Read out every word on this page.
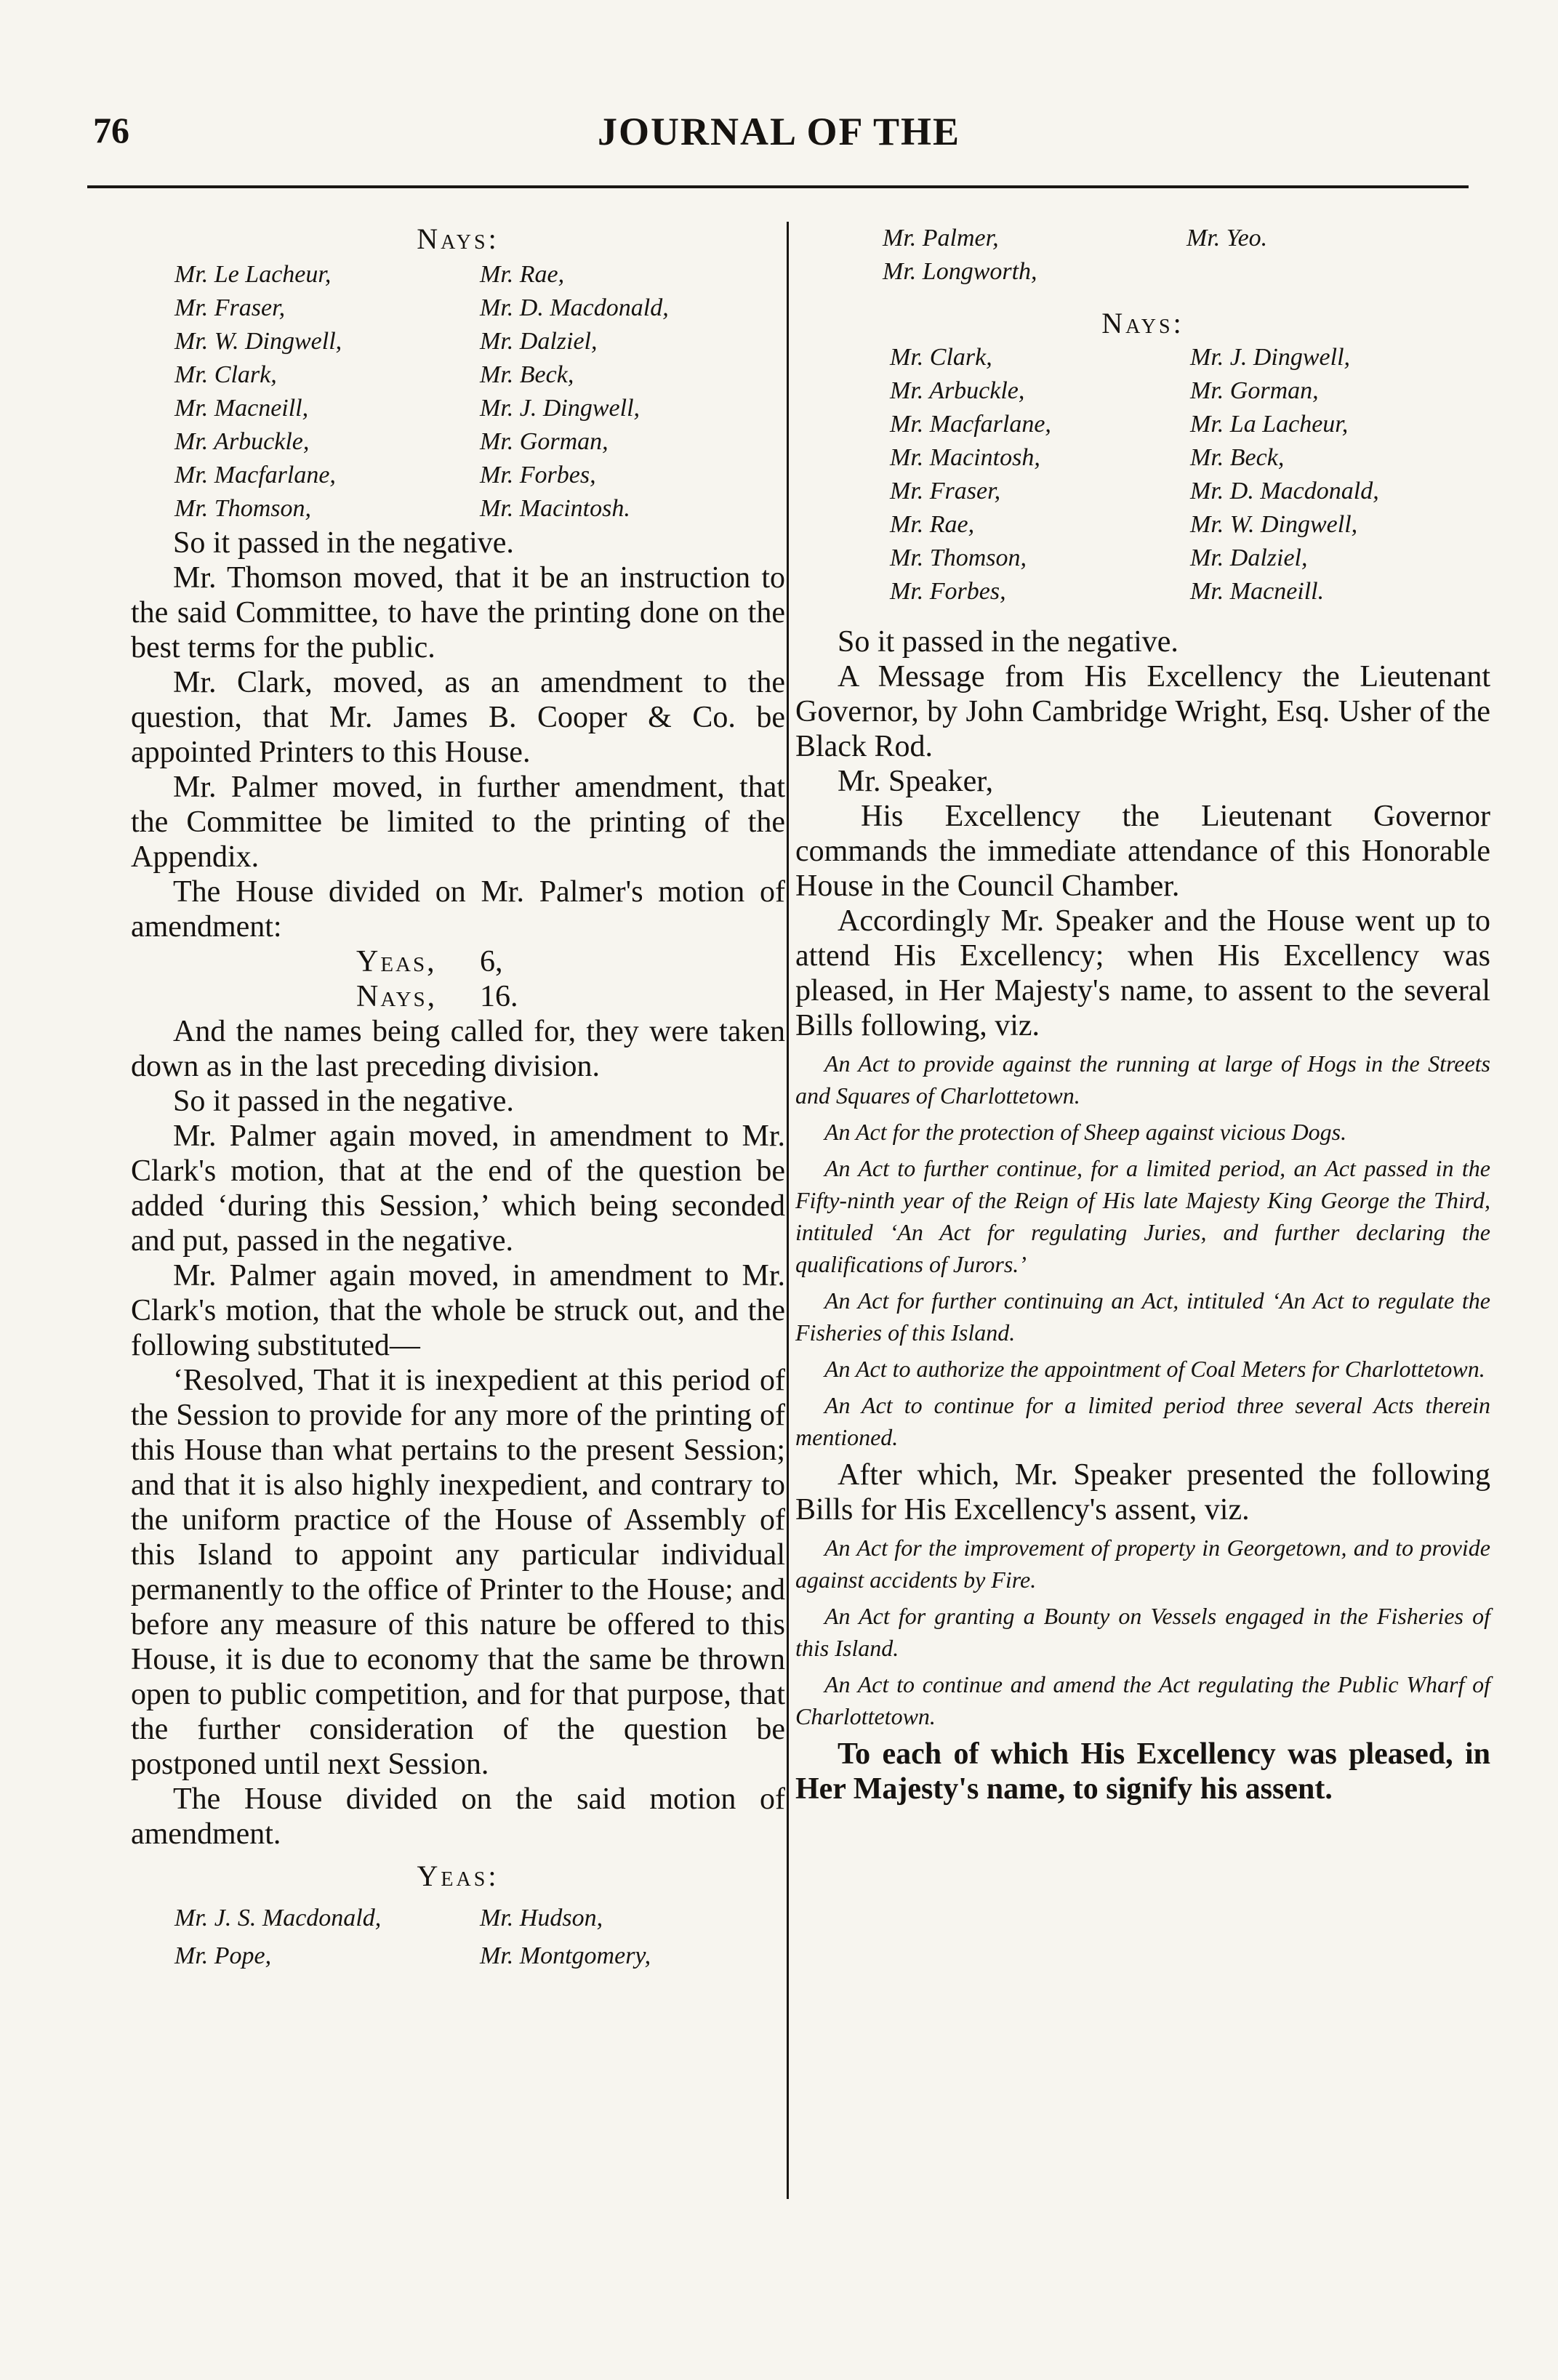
76	JOURNAL OF THE

Nays:

Mr. Le Lacheur,	Mr. Rae,
Mr. Fraser,	Mr. D. Macdonald,
Mr. W. Dingwell,	Mr. Dalziel,
Mr. Clark,	Mr. Beck,
Mr. Macneill,	Mr. J. Dingwell,
Mr. Arbuckle,	Mr. Gorman,
Mr. Macfarlane,	Mr. Forbes,
Mr. Thomson,	Mr. Macintosh.

So it passed in the negative.

Mr. Thomson moved, that it be an instruction to the said Committee, to have the printing done on the best terms for the public.

Mr. Clark, moved, as an amendment to the question, that Mr. James B. Cooper & Co. be appointed Printers to this House.

Mr. Palmer moved, in further amendment, that the Committee be limited to the printing of the Appendix.

The House divided on Mr. Palmer's motion of amendment:

Yeas,	6,
Nays,	16.

And the names being called for, they were taken down as in the last preceding division.

So it passed in the negative.

Mr. Palmer again moved, in amendment to Mr. Clark's motion, that at the end of the question be added ‘during this Session,’ which being seconded and put, passed in the negative.

Mr. Palmer again moved, in amendment to Mr. Clark's motion, that the whole be struck out, and the following substituted—

‘Resolved, That it is inexpedient at this period of the Session to provide for any more of the printing of this House than what pertains to the present Session; and that it is also highly inexpedient, and contrary to the uniform practice of the House of Assembly of this Island to appoint any particular individual permanently to the office of Printer to the House; and before any measure of this nature be offered to this House, it is due to economy that the same be thrown open to public competition, and for that purpose, that the further consideration of the question be postponed until next Session.

The House divided on the said motion of amendment.

Yeas:

Mr. J. S. Macdonald,	Mr. Hudson,
Mr. Pope,	Mr. Montgomery,
Mr. Palmer,	Mr. Yeo.
Mr. Longworth,

Nays:

Mr. Clark,	Mr. J. Dingwell,
Mr. Arbuckle,	Mr. Gorman,
Mr. Macfarlane,	Mr. La Lacheur,
Mr. Macintosh,	Mr. Beck,
Mr. Fraser,	Mr. D. Macdonald,
Mr. Rae,	Mr. W. Dingwell,
Mr. Thomson,	Mr. Dalziel,
Mr. Forbes,	Mr. Macneill.

So it passed in the negative.

A Message from His Excellency the Lieutenant Governor, by John Cambridge Wright, Esq. Usher of the Black Rod.

Mr. Speaker,

His Excellency the Lieutenant Governor commands the immediate attendance of this Honorable House in the Council Chamber.

Accordingly Mr. Speaker and the House went up to attend His Excellency; when His Excellency was pleased, in Her Majesty's name, to assent to the several Bills following, viz.

An Act to provide against the running at large of Hogs in the Streets and Squares of Charlottetown.

An Act for the protection of Sheep against vicious Dogs.

An Act to further continue, for a limited period, an Act passed in the Fifty-ninth year of the Reign of His late Majesty King George the Third, intituled ‘An Act for regulating Juries, and further declaring the qualifications of Jurors.’

An Act for further continuing an Act, intituled ‘An Act to regulate the Fisheries of this Island.

An Act to authorize the appointment of Coal Meters for Charlottetown.

An Act to continue for a limited period three several Acts therein mentioned.

After which, Mr. Speaker presented the following Bills for His Excellency's assent, viz.

An Act for the improvement of property in Georgetown, and to provide against accidents by Fire.

An Act for granting a Bounty on Vessels engaged in the Fisheries of this Island.

An Act to continue and amend the Act regulating the Public Wharf of Charlottetown.

To each of which His Excellency was pleased, in Her Majesty's name, to signify his assent.
